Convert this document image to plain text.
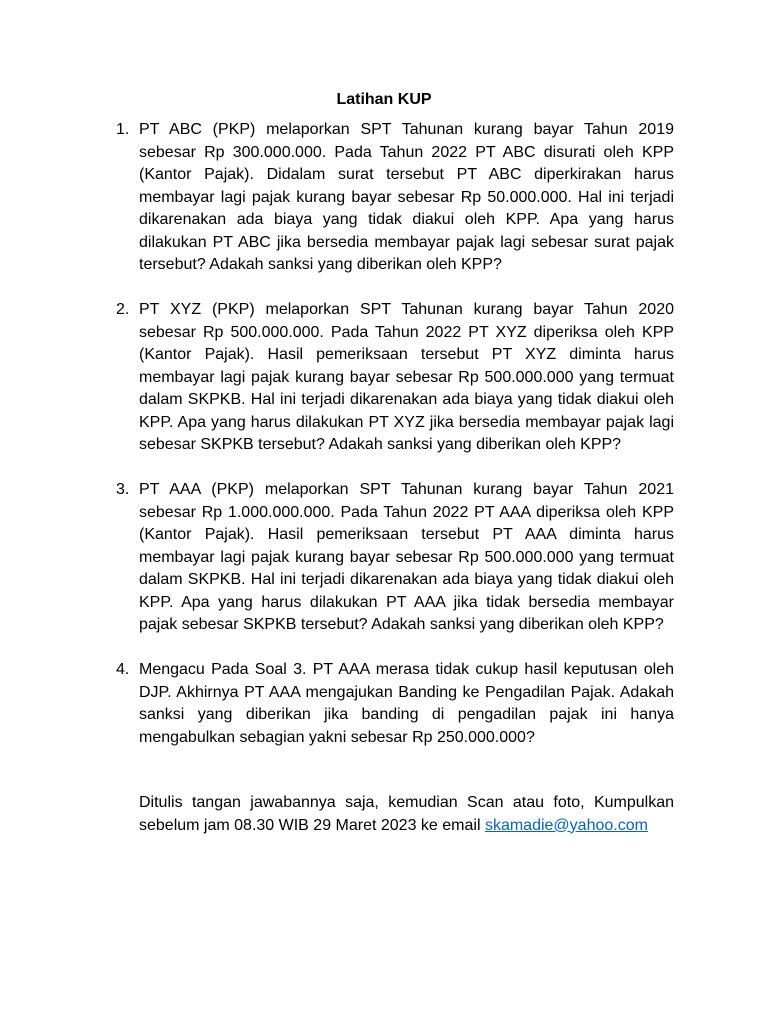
Latihan KUP
1. PT ABC (PKP) melaporkan SPT Tahunan kurang bayar Tahun 2019 sebesar Rp 300.000.000. Pada Tahun 2022 PT ABC disurati oleh KPP (Kantor Pajak). Didalam surat tersebut PT ABC diperkirakan harus membayar lagi pajak kurang bayar sebesar Rp 50.000.000. Hal ini terjadi dikarenakan ada biaya yang tidak diakui oleh KPP. Apa yang harus dilakukan PT ABC jika bersedia membayar pajak lagi sebesar surat pajak tersebut? Adakah sanksi yang diberikan oleh KPP?
2. PT XYZ (PKP) melaporkan SPT Tahunan kurang bayar Tahun 2020 sebesar Rp 500.000.000. Pada Tahun 2022 PT XYZ diperiksa oleh KPP (Kantor Pajak). Hasil pemeriksaan tersebut PT XYZ diminta harus membayar lagi pajak kurang bayar sebesar Rp 500.000.000 yang termuat dalam SKPKB. Hal ini terjadi dikarenakan ada biaya yang tidak diakui oleh KPP. Apa yang harus dilakukan PT XYZ jika bersedia membayar pajak lagi sebesar SKPKB tersebut? Adakah sanksi yang diberikan oleh KPP?
3. PT AAA (PKP) melaporkan SPT Tahunan kurang bayar Tahun 2021 sebesar Rp 1.000.000.000. Pada Tahun 2022 PT AAA diperiksa oleh KPP (Kantor Pajak). Hasil pemeriksaan tersebut PT AAA diminta harus membayar lagi pajak kurang bayar sebesar Rp 500.000.000 yang termuat dalam SKPKB. Hal ini terjadi dikarenakan ada biaya yang tidak diakui oleh KPP. Apa yang harus dilakukan PT AAA jika tidak bersedia membayar pajak sebesar SKPKB tersebut? Adakah sanksi yang diberikan oleh KPP?
4. Mengacu Pada Soal 3. PT AAA merasa tidak cukup hasil keputusan oleh DJP. Akhirnya PT AAA mengajukan Banding ke Pengadilan Pajak. Adakah sanksi yang diberikan jika banding di pengadilan pajak ini hanya mengabulkan sebagian yakni sebesar Rp 250.000.000?
Ditulis tangan jawabannya saja, kemudian Scan atau foto, Kumpulkan sebelum jam 08.30 WIB 29 Maret 2023 ke email skamadie@yahoo.com
